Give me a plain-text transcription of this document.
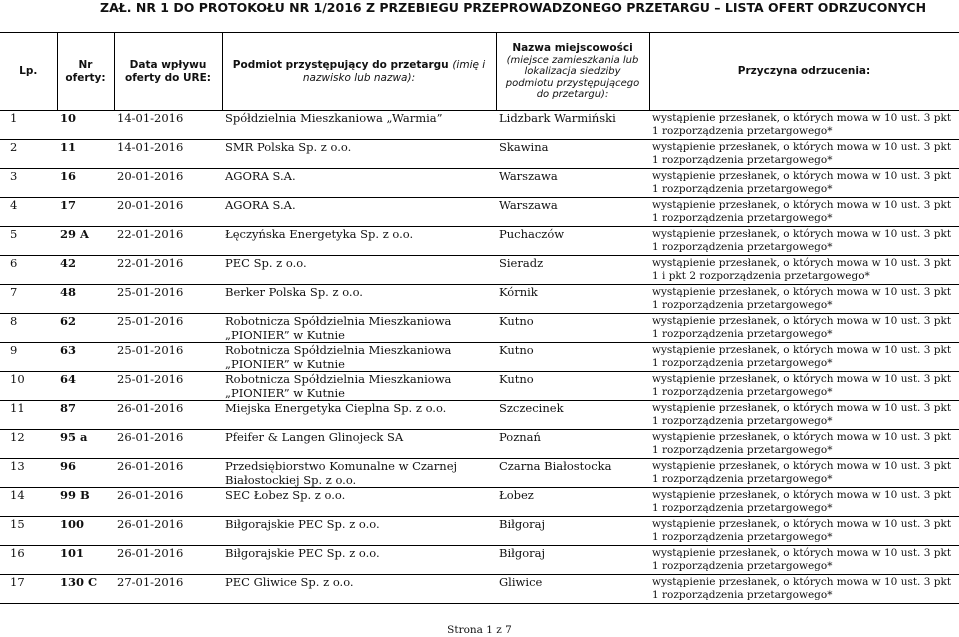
ZAŁ. NR 1 DO PROTOKOŁU NR 1/2016 Z PRZEBIEGU PRZEPROWADZONEGO PRZETARGU – LISTA OFERT ODRZUCONYCH
Lp.	Nr oferty:	Data wpływu
oferty do URE:	Podmiot przystępujący do przetargu (imię i
nazwisko lub nazwa):	Nazwa miejscowości
(miejsce zamieszkania lub
lokalizacja siedziby
podmiotu przystępującego
do przetargu):	Przyczyna odrzucenia:
1	10	14-01-2016	Spółdzielnia Mieszkaniowa „Warmia”	Lidzbark Warmiński	wystąpienie przesłanek, o których mowa w 10 ust. 3 pkt 1 rozporządzenia przetargowego*
2	11	14-01-2016	SMR Polska Sp. z o.o.	Skawina	wystąpienie przesłanek, o których mowa w 10 ust. 3 pkt 1 rozporządzenia przetargowego*
3	16	20-01-2016	AGORA S.A.	Warszawa	wystąpienie przesłanek, o których mowa w 10 ust. 3 pkt 1 rozporządzenia przetargowego*
4	17	20-01-2016	AGORA S.A.	Warszawa	wystąpienie przesłanek, o których mowa w 10 ust. 3 pkt 1 rozporządzenia przetargowego*
5	29 A	22-01-2016	Łęczyńska Energetyka Sp. z o.o.	Puchaczów	wystąpienie przesłanek, o których mowa w 10 ust. 3 pkt 1 rozporządzenia przetargowego*
6	42	22-01-2016	PEC Sp. z o.o.	Sieradz	wystąpienie przesłanek, o których mowa w 10 ust. 3 pkt 1 i pkt 2 rozporządzenia przetargowego*
7	48	25-01-2016	Berker Polska Sp. z o.o.	Kórnik	wystąpienie przesłanek, o których mowa w 10 ust. 3 pkt 1 rozporządzenia przetargowego*
8	62	25-01-2016	Robotnicza Spółdzielnia Mieszkaniowa „PIONIER” w Kutnie	Kutno	wystąpienie przesłanek, o których mowa w 10 ust. 3 pkt 1 rozporządzenia przetargowego*
9	63	25-01-2016	Robotnicza Spółdzielnia Mieszkaniowa „PIONIER” w Kutnie	Kutno	wystąpienie przesłanek, o których mowa w 10 ust. 3 pkt 1 rozporządzenia przetargowego*
10	64	25-01-2016	Robotnicza Spółdzielnia Mieszkaniowa „PIONIER” w Kutnie	Kutno	wystąpienie przesłanek, o których mowa w 10 ust. 3 pkt 1 rozporządzenia przetargowego*
11	87	26-01-2016	Miejska Energetyka Cieplna Sp. z o.o.	Szczecinek	wystąpienie przesłanek, o których mowa w 10 ust. 3 pkt 1 rozporządzenia przetargowego*
12	95 a	26-01-2016	Pfeifer & Langen Glinojeck SA	Poznań	wystąpienie przesłanek, o których mowa w 10 ust. 3 pkt 1 rozporządzenia przetargowego*
13	96	26-01-2016	Przedsiębiorstwo Komunalne w Czarnej Białostockiej Sp. z o.o.	Czarna Białostocka	wystąpienie przesłanek, o których mowa w 10 ust. 3 pkt 1 rozporządzenia przetargowego*
14	99 B	26-01-2016	SEC Łobez Sp. z o.o.	Łobez	wystąpienie przesłanek, o których mowa w 10 ust. 3 pkt 1 rozporządzenia przetargowego*
15	100	26-01-2016	Biłgorajskie PEC Sp. z o.o.	Biłgoraj	wystąpienie przesłanek, o których mowa w 10 ust. 3 pkt 1 rozporządzenia przetargowego*
16	101	26-01-2016	Biłgorajskie PEC Sp. z o.o.	Biłgoraj	wystąpienie przesłanek, o których mowa w 10 ust. 3 pkt 1 rozporządzenia przetargowego*
17	130 C	27-01-2016	PEC Gliwice Sp. z o.o.	Gliwice	wystąpienie przesłanek, o których mowa w 10 ust. 3 pkt 1 rozporządzenia przetargowego*
Strona 1 z 7
